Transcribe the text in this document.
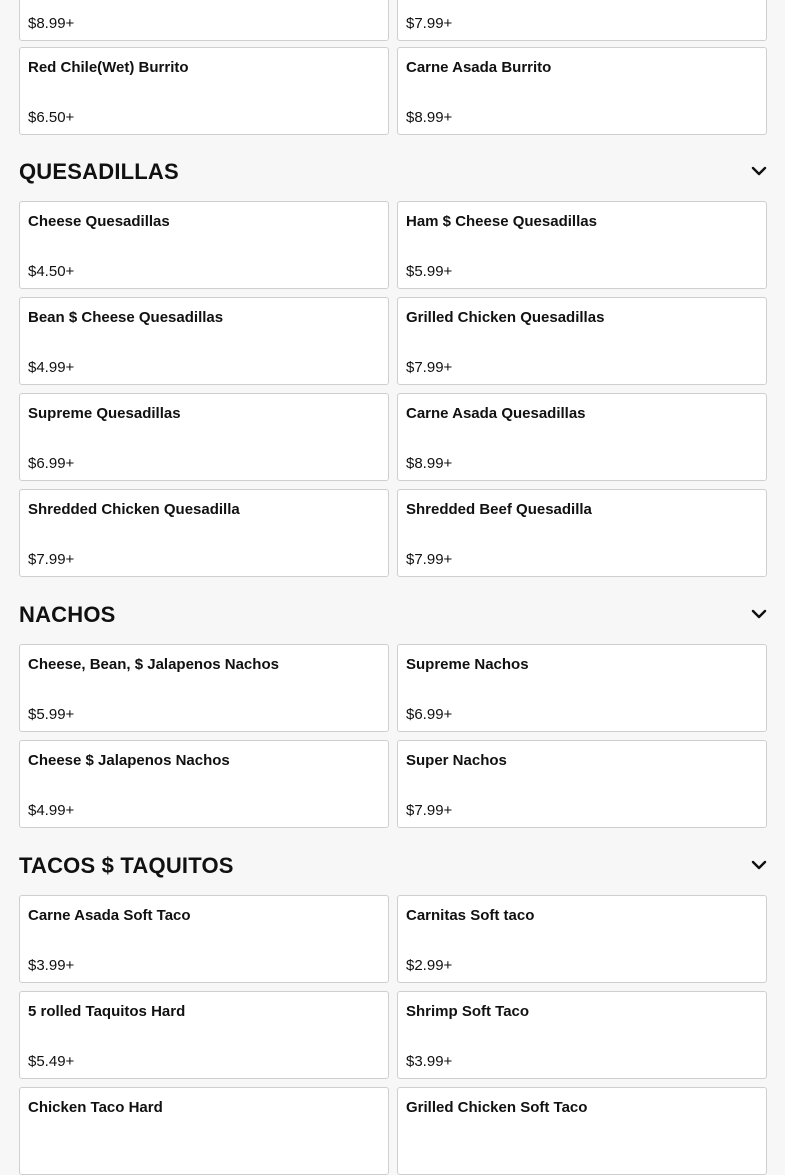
$8.99+	$7.99+
Red Chile(Wet) Burrito
$6.50+
Carne Asada Burrito
$8.99+
QUESADILLAS
Cheese Quesadillas
$4.50+
Ham $ Cheese Quesadillas
$5.99+
Bean $ Cheese Quesadillas
$4.99+
Grilled Chicken Quesadillas
$7.99+
Supreme Quesadillas
$6.99+
Carne Asada Quesadillas
$8.99+
Shredded Chicken Quesadilla
$7.99+
Shredded Beef Quesadilla
$7.99+
NACHOS
Cheese, Bean, $ Jalapenos Nachos
$5.99+
Supreme Nachos
$6.99+
Cheese $ Jalapenos Nachos
$4.99+
Super Nachos
$7.99+
TACOS $ TAQUITOS
Carne Asada Soft Taco
$3.99+
Carnitas Soft taco
$2.99+
5 rolled Taquitos Hard
$5.49+
Shrimp Soft Taco
$3.99+
Chicken Taco Hard	Grilled Chicken Soft Taco
